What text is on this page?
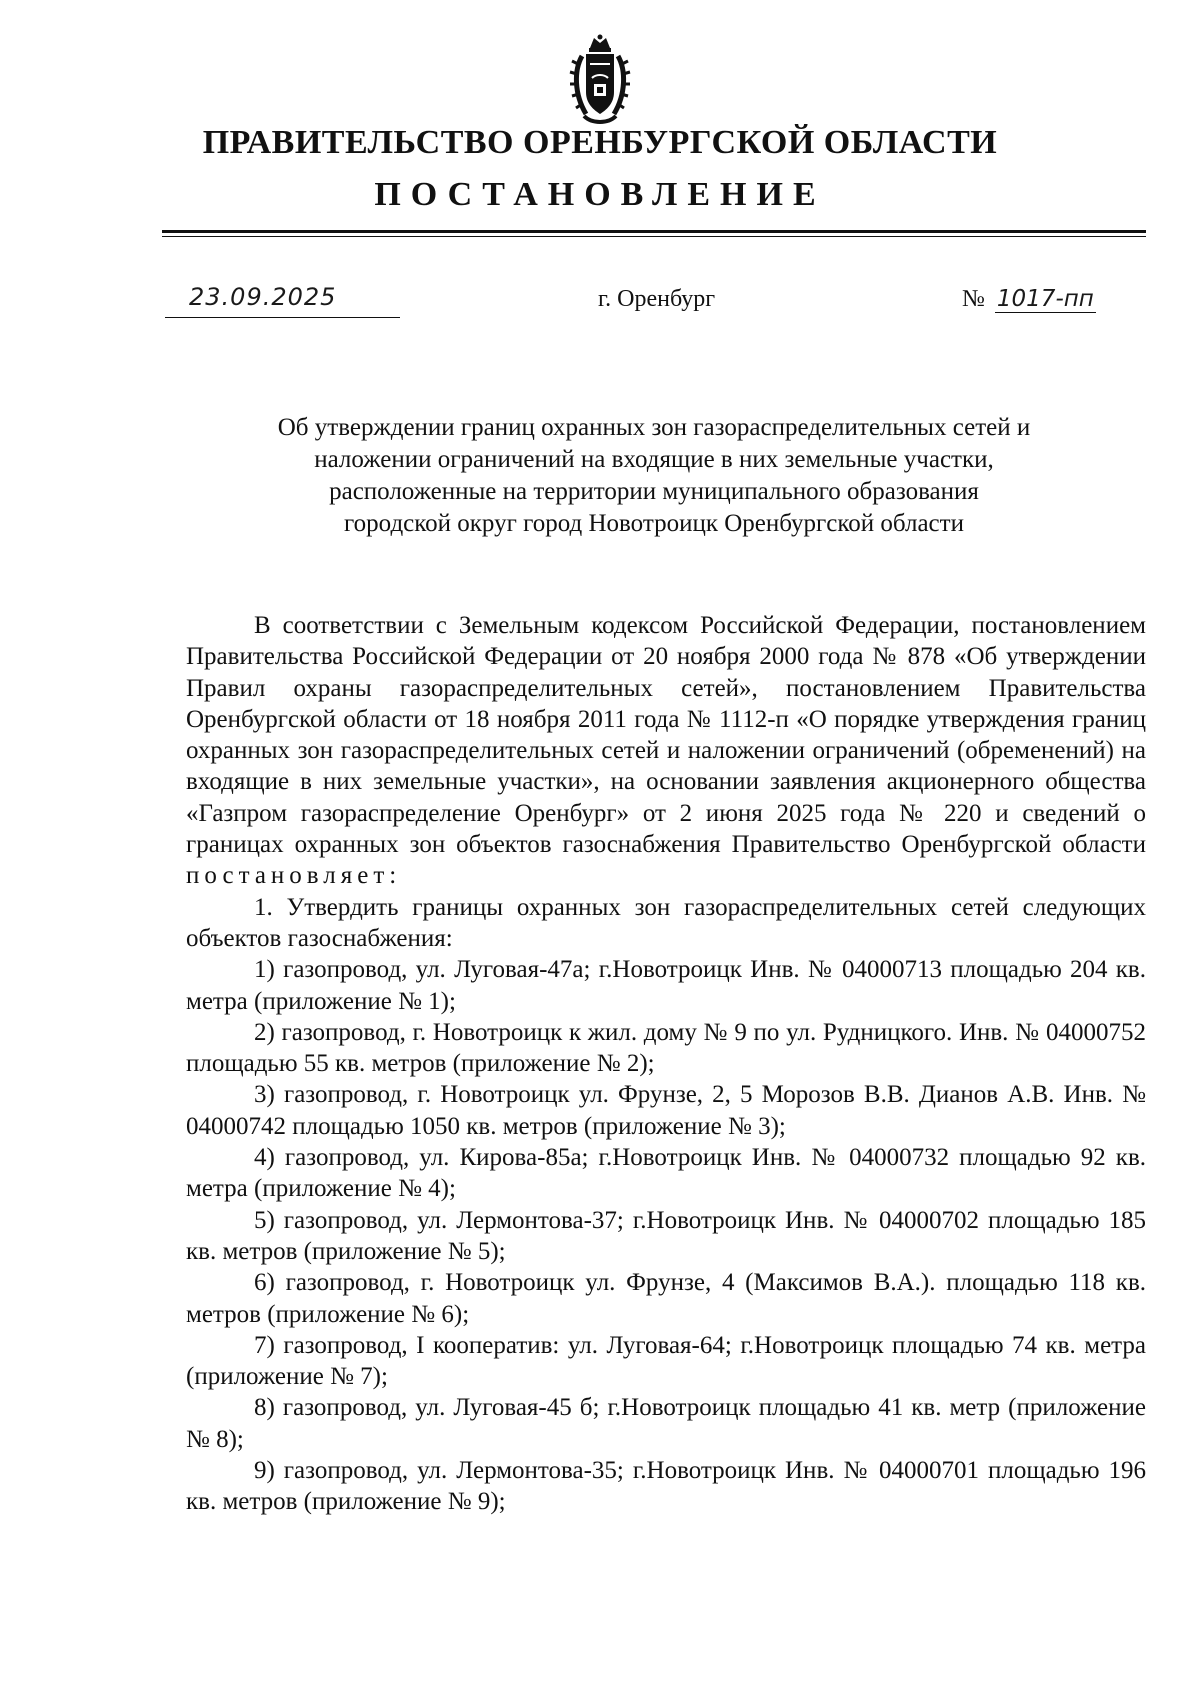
ПРАВИТЕЛЬСТВО ОРЕНБУРГСКОЙ ОБЛАСТИ
ПОСТАНОВЛЕНИЕ
23.09.2025	г. Оренбург	№ 1017-пп

Об утверждении границ охранных зон газораспределительных сетей и
наложении ограничений на входящие в них земельные участки,
расположенные на территории муниципального образования
городской округ город Новотроицк Оренбургской области

В соответствии с Земельным кодексом Российской Федерации, постановлением Правительства Российской Федерации от 20 ноября 2000 года № 878 «Об утверждении Правил охраны газораспределительных сетей», постановлением Правительства Оренбургской области от 18 ноября 2011 года № 1112-п «О порядке утверждения границ охранных зон газораспределительных сетей и наложении ограничений (обременений) на входящие в них земельные участки», на основании заявления акционерного общества «Газпром газораспределение Оренбург» от 2 июня 2025 года № 220 и сведений о границах охранных зон объектов газоснабжения Правительство Оренбургской области постановляет:

1. Утвердить границы охранных зон газораспределительных сетей следующих объектов газоснабжения:

1) газопровод, ул. Луговая-47а; г.Новотроицк Инв. № 04000713 площадью 204 кв. метра (приложение № 1);

2) газопровод, г. Новотроицк к жил. дому № 9 по ул. Рудницкого. Инв. № 04000752 площадью 55 кв. метров (приложение № 2);

3) газопровод, г. Новотроицк ул. Фрунзе, 2, 5 Морозов В.В. Дианов А.В. Инв. № 04000742 площадью 1050 кв. метров (приложение № 3);

4) газопровод, ул. Кирова-85а; г.Новотроицк Инв. № 04000732 площадью 92 кв. метра (приложение № 4);

5) газопровод, ул. Лермонтова-37; г.Новотроицк Инв. № 04000702 площадью 185 кв. метров (приложение № 5);

6) газопровод, г. Новотроицк ул. Фрунзе, 4 (Максимов В.А.). площадью 118 кв. метров (приложение № 6);

7) газопровод, I кооператив: ул. Луговая-64; г.Новотроицк площадью 74 кв. метра (приложение № 7);

8) газопровод, ул. Луговая-45 б; г.Новотроицк площадью 41 кв. метр (приложение № 8);

9) газопровод, ул. Лермонтова-35; г.Новотроицк Инв. № 04000701 площадью 196 кв. метров (приложение № 9);
